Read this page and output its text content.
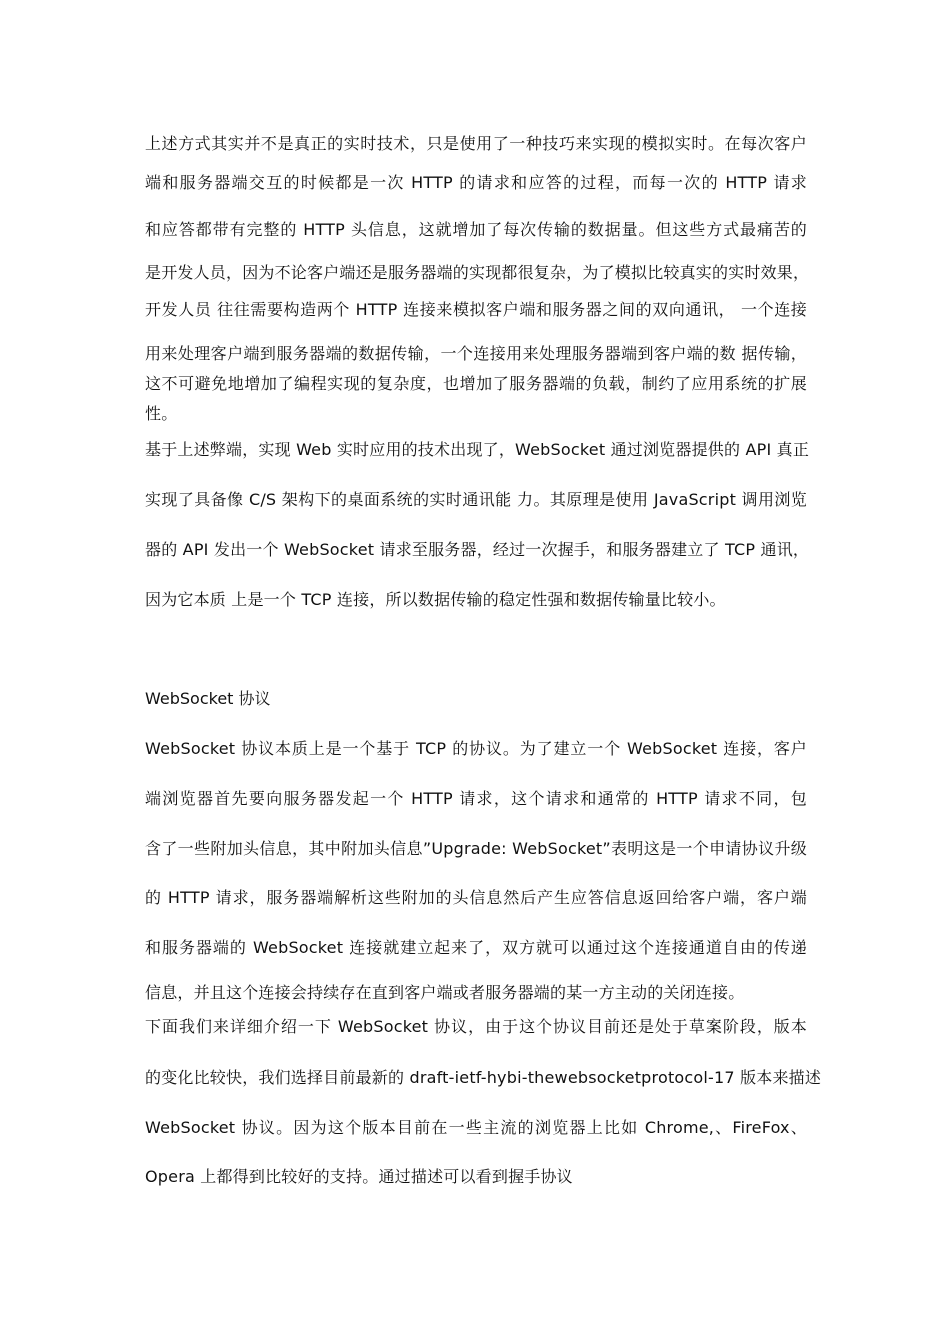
上述方式其实并不是真正的实时技术，只是使用了一种技巧来实现的模拟实时。在每次客户
端和服务器端交互的时候都是一次 HTTP 的请求和应答的过程，而每一次的 HTTP 请求
和应答都带有完整的 HTTP 头信息，这就增加了每次传输的数据量。但这些方式最痛苦的
是开发人员，因为不论客户端还是服务器端的实现都很复杂，为了模拟比较真实的实时效果，
开发人员 往往需要构造两个 HTTP 连接来模拟客户端和服务器之间的双向通讯， 一个连接
用来处理客户端到服务器端的数据传输，一个连接用来处理服务器端到客户端的数 据传输，
这不可避免地增加了编程实现的复杂度，也增加了服务器端的负载，制约了应用系统的扩展
性。
基于上述弊端，实现 Web 实时应用的技术出现了，WebSocket 通过浏览器提供的 API 真正
实现了具备像 C/S 架构下的桌面系统的实时通讯能 力。其原理是使用 JavaScript 调用浏览
器的 API 发出一个 WebSocket 请求至服务器，经过一次握手，和服务器建立了 TCP 通讯，
因为它本质 上是一个 TCP 连接，所以数据传输的稳定性强和数据传输量比较小。
WebSocket 协议
WebSocket 协议本质上是一个基于 TCP 的协议。为了建立一个 WebSocket 连接，客户
端浏览器首先要向服务器发起一个 HTTP 请求，这个请求和通常的 HTTP 请求不同，包
含了一些附加头信息，其中附加头信息”Upgrade: WebSocket”表明这是一个申请协议升级
的 HTTP 请求，服务器端解析这些附加的头信息然后产生应答信息返回给客户端，客户端
和服务器端的 WebSocket 连接就建立起来了，双方就可以通过这个连接通道自由的传递
信息，并且这个连接会持续存在直到客户端或者服务器端的某一方主动的关闭连接。
下面我们来详细介绍一下 WebSocket 协议，由于这个协议目前还是处于草案阶段，版本
的变化比较快，我们选择目前最新的 draft-ietf-hybi-thewebsocketprotocol-17 版本来描述
WebSocket 协议。因为这个版本目前在一些主流的浏览器上比如 Chrome,、FireFox、
Opera 上都得到比较好的支持。通过描述可以看到握手协议
